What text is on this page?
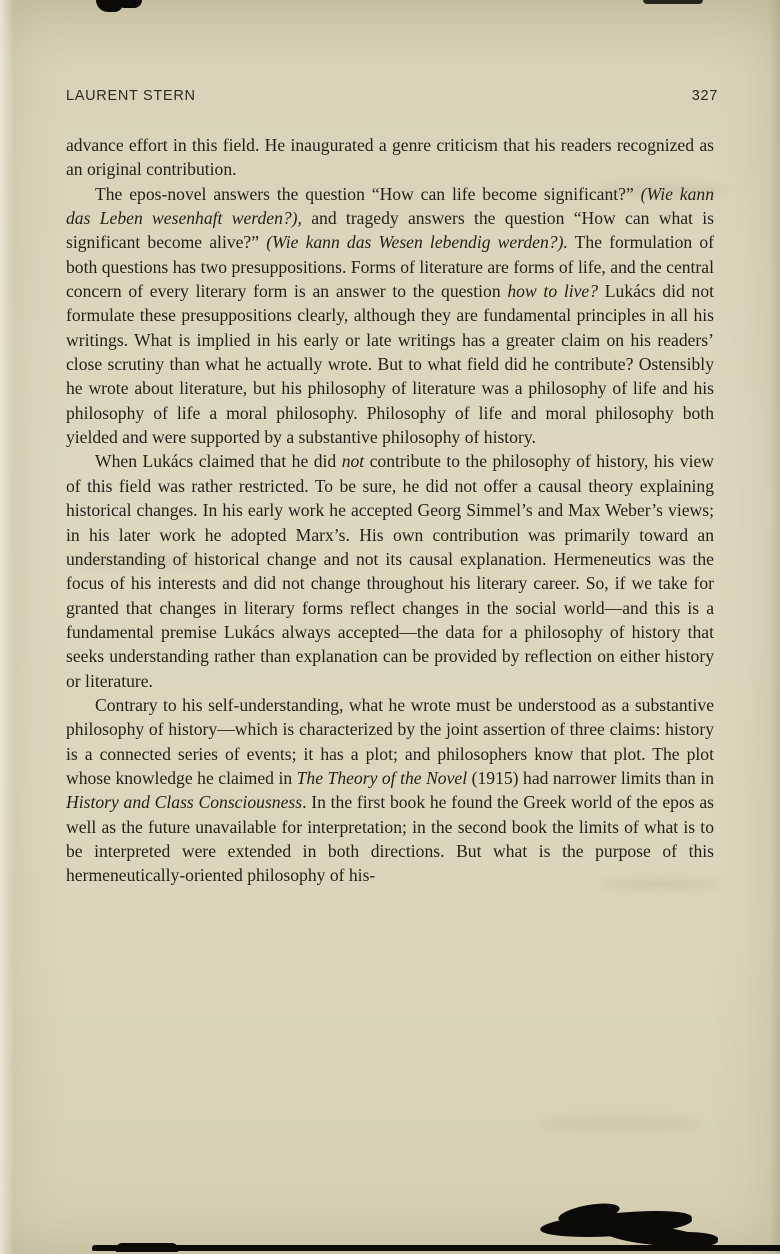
LAURENT STERN	327

advance effort in this field. He inaugurated a genre criticism that his readers recognized as an original contribution.

The epos-novel answers the question “How can life become significant?” (Wie kann das Leben wesenhaft werden?), and tragedy answers the question “How can what is significant become alive?” (Wie kann das Wesen lebendig werden?). The formulation of both questions has two presuppositions. Forms of literature are forms of life, and the central concern of every literary form is an answer to the question how to live? Lukács did not formulate these presuppositions clearly, although they are fundamental principles in all his writings. What is implied in his early or late writings has a greater claim on his readers’ close scrutiny than what he actually wrote. But to what field did he contribute? Ostensibly he wrote about literature, but his philosophy of literature was a philosophy of life and his philosophy of life a moral philosophy. Philosophy of life and moral philosophy both yielded and were supported by a substantive philosophy of history.

When Lukács claimed that he did not contribute to the philosophy of history, his view of this field was rather restricted. To be sure, he did not offer a causal theory explaining historical changes. In his early work he accepted Georg Simmel’s and Max Weber’s views; in his later work he adopted Marx’s. His own contribution was primarily toward an understanding of historical change and not its causal explanation. Hermeneutics was the focus of his interests and did not change throughout his literary career. So, if we take for granted that changes in literary forms reflect changes in the social world—and this is a fundamental premise Lukács always accepted—the data for a philosophy of history that seeks understanding rather than explanation can be provided by reflection on either history or literature.

Contrary to his self-understanding, what he wrote must be understood as a substantive philosophy of history—which is characterized by the joint assertion of three claims: history is a connected series of events; it has a plot; and philosophers know that plot. The plot whose knowledge he claimed in The Theory of the Novel (1915) had narrower limits than in History and Class Consciousness. In the first book he found the Greek world of the epos as well as the future unavailable for interpretation; in the second book the limits of what is to be interpreted were extended in both directions. But what is the purpose of this hermeneutically-oriented philosophy of his-
